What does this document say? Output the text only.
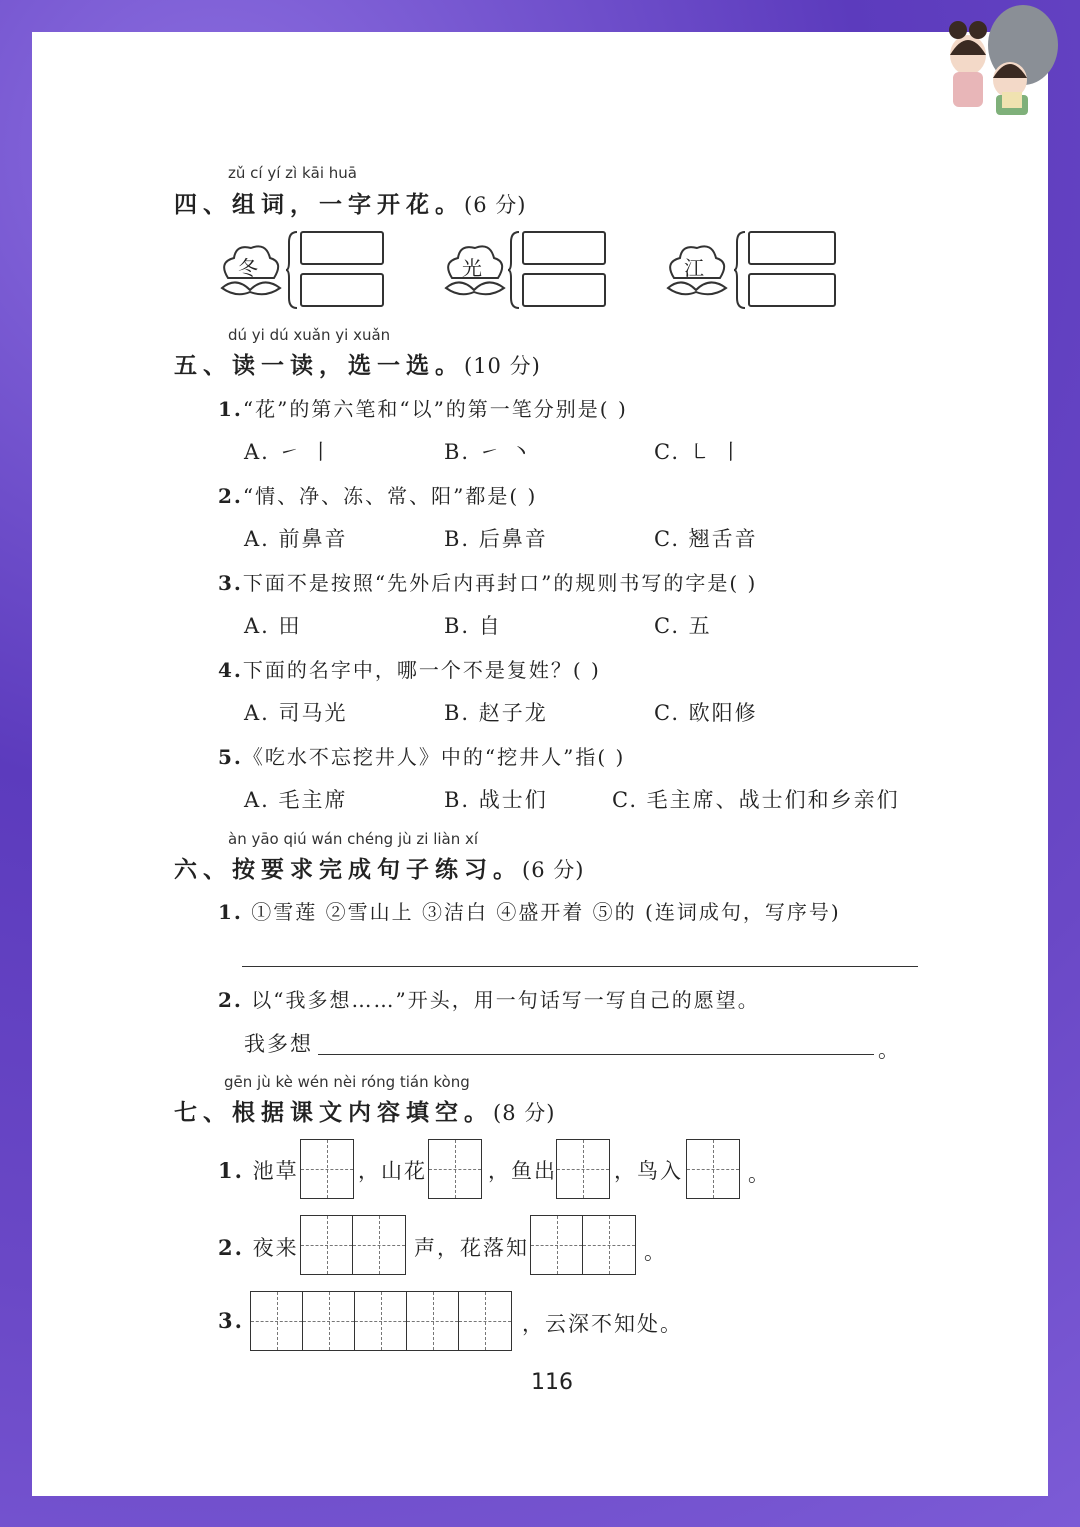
zǔ cí yí zì kāi huā
四、组词，一字开花。(6 分)
冬	光	江
dú yi dú xuǎn yi xuǎn
五、读一读，选一选。(10 分)
1.“花”的第六笔和“以”的第一笔分别是( )
A. ㇀ 丨	B. ㇀ 丶	C. ㇄ 丨
2.“情、净、冻、常、阳”都是( )
A. 前鼻音	B. 后鼻音	C. 翘舌音
3.下面不是按照“先外后内再封口”的规则书写的字是( )
A. 田	B. 自	C. 五
4.下面的名字中，哪一个不是复姓？( )
A. 司马光	B. 赵子龙	C. 欧阳修
5.《吃水不忘挖井人》中的“挖井人”指( )
A. 毛主席	B. 战士们	C. 毛主席、战士们和乡亲们
àn yāo qiú wán chéng jù zi liàn xí
六、按要求完成句子练习。(6 分)
1. ①雪莲 ②雪山上 ③洁白 ④盛开着 ⑤的 (连词成句，写序号)
2. 以“我多想……”开头，用一句话写一写自己的愿望。
我多想	。
gēn jù kè wén nèi róng tián kòng
七、根据课文内容填空。(8 分)
1. 池草	，山花	，鱼出	，鸟入	。
2. 夜来	声，花落知	。
3.	，云深不知处。
116
